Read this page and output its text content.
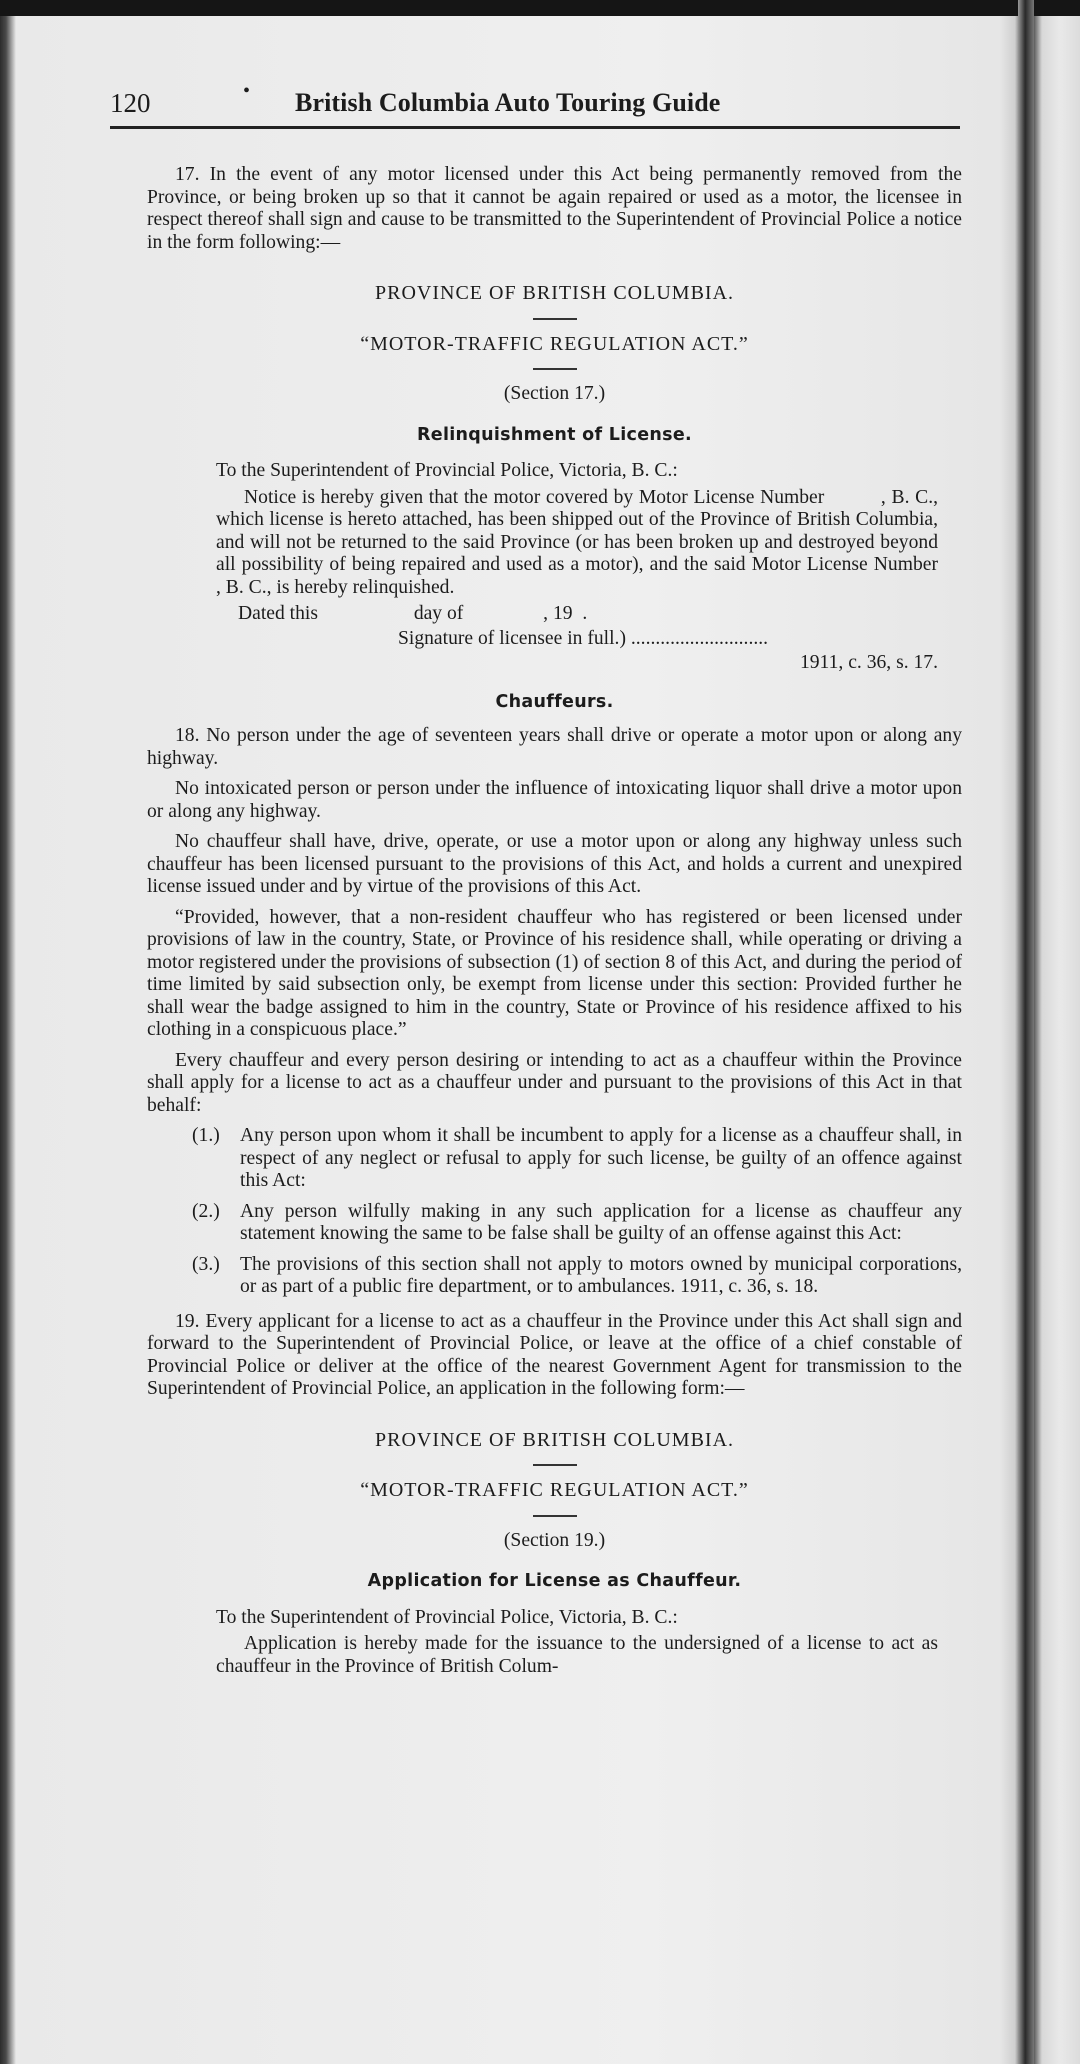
120	• British Columbia Auto Touring Guide

17. In the event of any motor licensed under this Act being permanently removed from the Province, or being broken up so that it cannot be again repaired or used as a motor, the licensee in respect thereof shall sign and cause to be transmitted to the Superintendent of Provincial Police a notice in the form following:—

PROVINCE OF BRITISH COLUMBIA.
“MOTOR-TRAFFIC REGULATION ACT.”
(Section 17.)
Relinquishment of License.

To the Superintendent of Provincial Police, Victoria, B. C.:

Notice is hereby given that the motor covered by Motor License Number          , B. C., which license is hereto attached, has been shipped out of the Province of British Columbia, and will not be returned to the said Province (or has been broken up and destroyed beyond all possibility of being repaired and used as a motor), and the said Motor License Number      , B. C., is hereby relinquished.

Dated this	day of	, 19  .
Signature of licensee in full.) ............................
1911, c. 36, s. 17.
Chauffeurs.

18. No person under the age of seventeen years shall drive or operate a motor upon or along any highway.

No intoxicated person or person under the influence of intoxicating liquor shall drive a motor upon or along any highway.

No chauffeur shall have, drive, operate, or use a motor upon or along any highway unless such chauffeur has been licensed pursuant to the provisions of this Act, and holds a current and unexpired license issued under and by virtue of the provisions of this Act.

“Provided, however, that a non-resident chauffeur who has registered or been licensed under provisions of law in the country, State, or Province of his residence shall, while operating or driving a motor registered under the provisions of subsection (1) of section 8 of this Act, and during the period of time limited by said subsection only, be exempt from license under this section: Provided further he shall wear the badge assigned to him in the country, State or Province of his residence affixed to his clothing in a conspicuous place.”

Every chauffeur and every person desiring or intending to act as a chauffeur within the Province shall apply for a license to act as a chauffeur under and pursuant to the provisions of this Act in that behalf:

(1.) Any person upon whom it shall be incumbent to apply for a license as a chauffeur shall, in respect of any neglect or refusal to apply for such license, be guilty of an offence against this Act:
(2.) Any person wilfully making in any such application for a license as chauffeur any statement knowing the same to be false shall be guilty of an offense against this Act:
(3.) The provisions of this section shall not apply to motors owned by municipal corporations, or as part of a public fire department, or to ambulances. 1911, c. 36, s. 18.

19. Every applicant for a license to act as a chauffeur in the Province under this Act shall sign and forward to the Superintendent of Provincial Police, or leave at the office of a chief constable of Provincial Police or deliver at the office of the nearest Government Agent for transmission to the Superintendent of Provincial Police, an application in the following form:—

PROVINCE OF BRITISH COLUMBIA.
“MOTOR-TRAFFIC REGULATION ACT.”
(Section 19.)
Application for License as Chauffeur.

To the Superintendent of Provincial Police, Victoria, B. C.:

Application is hereby made for the issuance to the undersigned of a license to act as chauffeur in the Province of British Colum-
